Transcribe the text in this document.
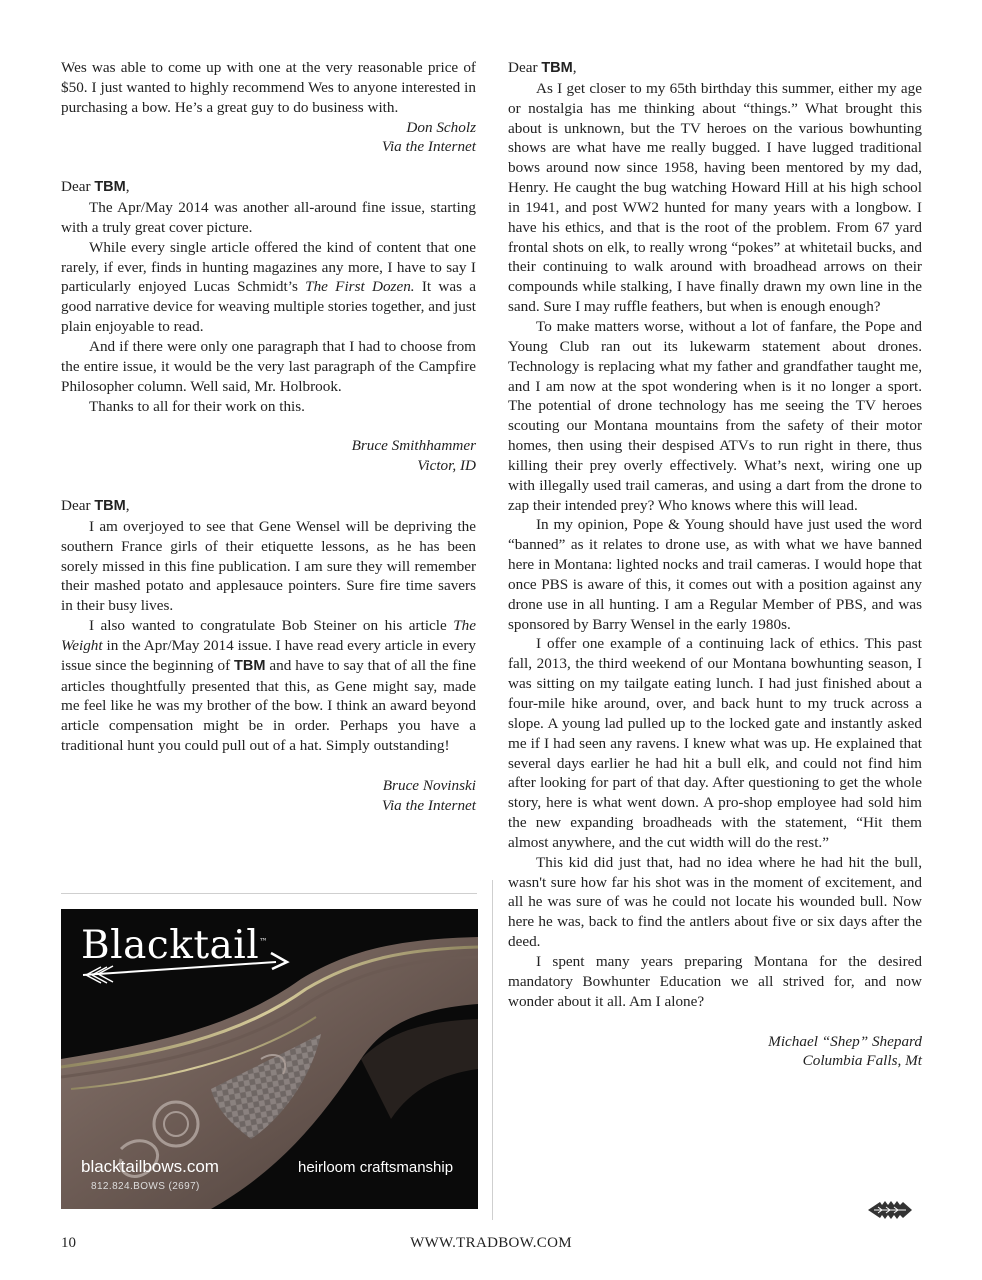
Wes was able to come up with one at the very reasonable price of $50. I just wanted to highly recommend Wes to anyone interested in purchasing a bow. He’s a great guy to do business with.

Don Scholz

Via the Internet

Dear TBM,

The Apr/May 2014 was another all-around fine issue, starting with a truly great cover picture.

While every single article offered the kind of content that one rarely, if ever, finds in hunting magazines any more, I have to say I particularly enjoyed Lucas Schmidt’s The First Dozen. It was a good narrative device for weaving multiple stories together, and just plain enjoyable to read.

And if there were only one paragraph that I had to choose from the entire issue, it would be the very last paragraph of the Campfire Philosopher column. Well said, Mr. Holbrook.

Thanks to all for their work on this.

Bruce Smithhammer

Victor, ID

Dear TBM,

I am overjoyed to see that Gene Wensel will be depriving the southern France girls of their etiquette lessons, as he has been sorely missed in this fine publication. I am sure they will remember their mashed potato and applesauce pointers. Sure fire time savers in their busy lives.

I also wanted to congratulate Bob Steiner on his article The Weight in the Apr/May 2014 issue. I have read every article in every issue since the beginning of TBM and have to say that of all the fine articles thoughtfully presented that this, as Gene might say, made me feel like he was my brother of the bow. I think an award beyond article compensation might be in order. Perhaps you have a traditional hunt you could pull out of a hat. Simply outstanding!

Bruce Novinski

Via the Internet

Dear TBM,

As I get closer to my 65th birthday this summer, either my age or nostalgia has me thinking about “things.” What brought this about is unknown, but the TV heroes on the various bowhunting shows are what have me really bugged. I have lugged traditional bows around now since 1958, having been mentored by my dad, Henry. He caught the bug watching Howard Hill at his high school in 1941, and post WW2 hunted for many years with a longbow. I have his ethics, and that is the root of the problem. From 67 yard frontal shots on elk, to really wrong “pokes” at whitetail bucks, and their continuing to walk around with broadhead arrows on their compounds while stalking, I have finally drawn my own line in the sand. Sure I may ruffle feathers, but when is enough enough?

To make matters worse, without a lot of fanfare, the Pope and Young Club ran out its lukewarm statement about drones. Technology is replacing what my father and grandfather taught me, and I am now at the spot wondering when is it no longer a sport. The potential of drone technology has me seeing the TV heroes scouting our Montana mountains from the safety of their motor homes, then using their despised ATVs to run right in there, thus killing their prey overly effectively. What’s next, wiring one up with illegally used trail cameras, and using a dart from the drone to zap their intended prey? Who knows where this will lead.

In my opinion, Pope & Young should have just used the word “banned” as it relates to drone use, as with what we have banned here in Montana: lighted nocks and trail cameras. I would hope that once PBS is aware of this, it comes out with a position against any drone use in all hunting. I am a Regular Member of PBS, and was sponsored by Barry Wensel in the early 1980s.

I offer one example of a continuing lack of ethics. This past fall, 2013, the third weekend of our Montana bowhunting season, I was sitting on my tailgate eating lunch. I had just finished about a four-mile hike around, over, and back hunt to my truck across a slope. A young lad pulled up to the locked gate and instantly asked me if I had seen any ravens. I knew what was up. He explained that several days earlier he had hit a bull elk, and could not find him after looking for part of that day. After questioning to get the whole story, here is what went down. A pro-shop employee had sold him the new expanding broadheads with the statement, “Hit them almost anywhere, and the cut width will do the rest.”

This kid did just that, had no idea where he had hit the bull, wasn't sure how far his shot was in the moment of excitement, and all he was sure of was he could not locate his wounded bull. Now here he was, back to find the antlers about five or six days after the deed.

I spent many years preparing Montana for the desired mandatory Bowhunter Education we all strived for, and now wonder about it all. Am I alone?

Michael “Shep” Shepard

Columbia Falls, Mt

Blacktail™
blacktailbows.com
812.824.BOWS (2697)
heirloom craftsmanship
10	WWW.TRADBOW.COM
